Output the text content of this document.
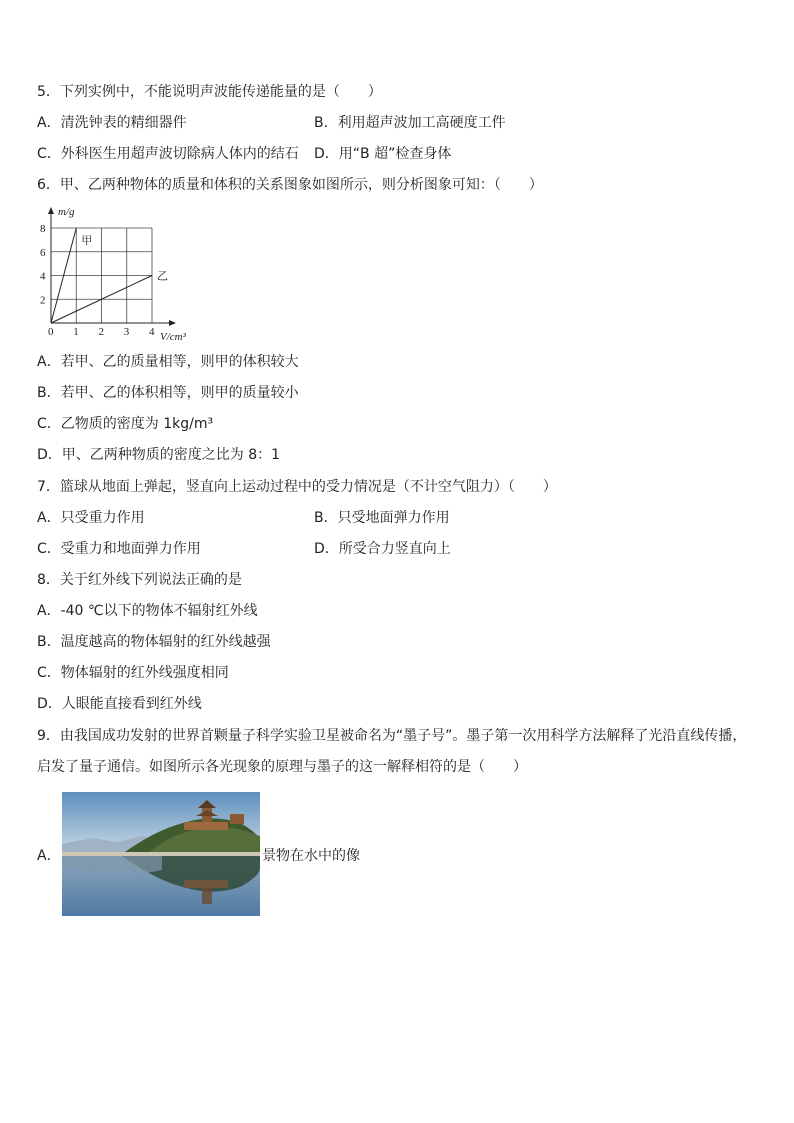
5．下列实例中，不能说明声波能传递能量的是（　　）
A．清洗钟表的精细器件	B．利用超声波加工高硬度工件
C．外科医生用超声波切除病人体内的结石 D．用“B 超”检查身体
6．甲、乙两种物体的质量和体积的关系图象如图所示，则分析图象可知：（　　）
0 1 2 3 4
2
4
6
8
甲
乙
m/g
V/cm³
A．若甲、乙的质量相等，则甲的体积较大
B．若甲、乙的体积相等，则甲的质量较小
C．乙物质的密度为 1kg/m³
D．甲、乙两种物质的密度之比为 8：1
7．篮球从地面上弹起，竖直向上运动过程中的受力情况是（不计空气阻力）（　　）
A．只受重力作用	B．只受地面弹力作用
C．受重力和地面弹力作用	D．所受合力竖直向上
8．关于红外线下列说法正确的是
A．-40 ℃以下的物体不辐射红外线
B．温度越高的物体辐射的红外线越强
C．物体辐射的红外线强度相同
D．人眼能直接看到红外线
9．由我国成功发射的世界首颗量子科学实验卫星被命名为“墨子号”。墨子第一次用科学方法解释了光沿直线传播，
启发了量子通信。如图所示各光现象的原理与墨子的这一解释相符的是（　　）
A．	景物在水中的像
